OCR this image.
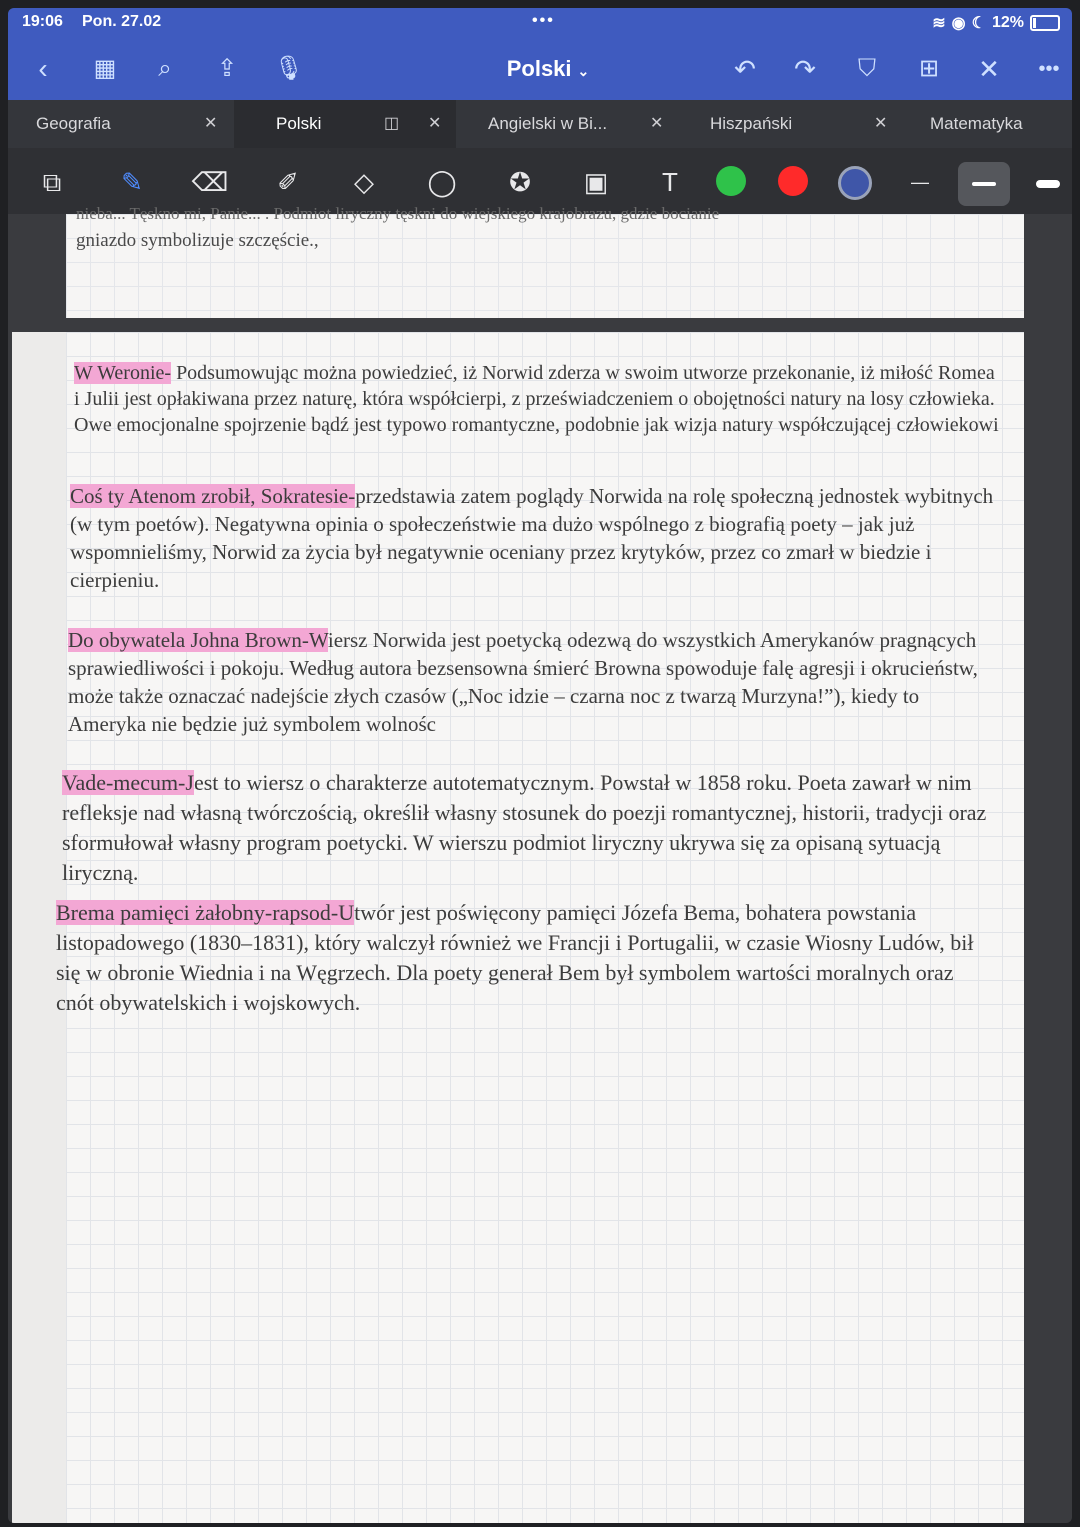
19:06 Pon. 27.02	•••	≋ ◉ ☾ 12%
‹	▦	⌕	⇪ 🎙︎	Polski ⌄	↶ ↷	⛉	⊞ ✕	•••
Geografia	✕	Polski	◫ ✕	Angielski w Bi...	✕	Hiszpański	✕	Matematyka
⧉	✎	⌫	✐	◇	◯	✪	▣	T	—
nieba... Tęskno mi, Panie... . Podmiot liryczny tęskni do wiejskiego krajobrazu, gdzie bocianie
gniazdo symbolizuje szczęście.,

W Weronie- Podsumowując można powiedzieć, iż Norwid zderza w swoim utworze przekonanie, iż miłość Romea i Julii jest opłakiwana przez naturę, która współcierpi, z przeświadczeniem o obojętności natury na losy człowieka. Owe emocjonalne spojrzenie bądź jest typowo romantyczne, podobnie jak wizja natury współczującej człowiekowi

Coś ty Atenom zrobił, Sokratesie-przedstawia zatem poglądy Norwida na rolę społeczną jednostek wybitnych (w tym poetów). Negatywna opinia o społeczeństwie ma dużo wspólnego z biografią poety – jak już wspomnieliśmy, Norwid za życia był negatywnie oceniany przez krytyków, przez co zmarł w biedzie i cierpieniu.

Do obywatela Johna Brown-Wiersz Norwida jest poetycką odezwą do wszystkich Amerykanów pragnących sprawiedliwości i pokoju. Według autora bezsensowna śmierć Browna spowoduje falę agresji i okrucieństw, może także oznaczać nadejście złych czasów („Noc idzie – czarna noc z twarzą Murzyna!”), kiedy to Ameryka nie będzie już symbolem wolnośc

Vade-mecum-Jest to wiersz o charakterze autotematycznym. Powstał w 1858 roku. Poeta zawarł w nim refleksje nad własną twórczością, określił własny stosunek do poezji romantycznej, historii, tradycji oraz sformułował własny program poetycki. W wierszu podmiot liryczny ukrywa się za opisaną sytuacją liryczną.

Brema pamięci żałobny-rapsod-Utwór jest poświęcony pamięci Józefa Bema, bohatera powstania listopadowego (1830–1831), który walczył również we Francji i Portugalii, w czasie Wiosny Ludów, bił się w obronie Wiednia i na Węgrzech. Dla poety generał Bem był symbolem wartości moralnych oraz cnót obywatelskich i wojskowych.
